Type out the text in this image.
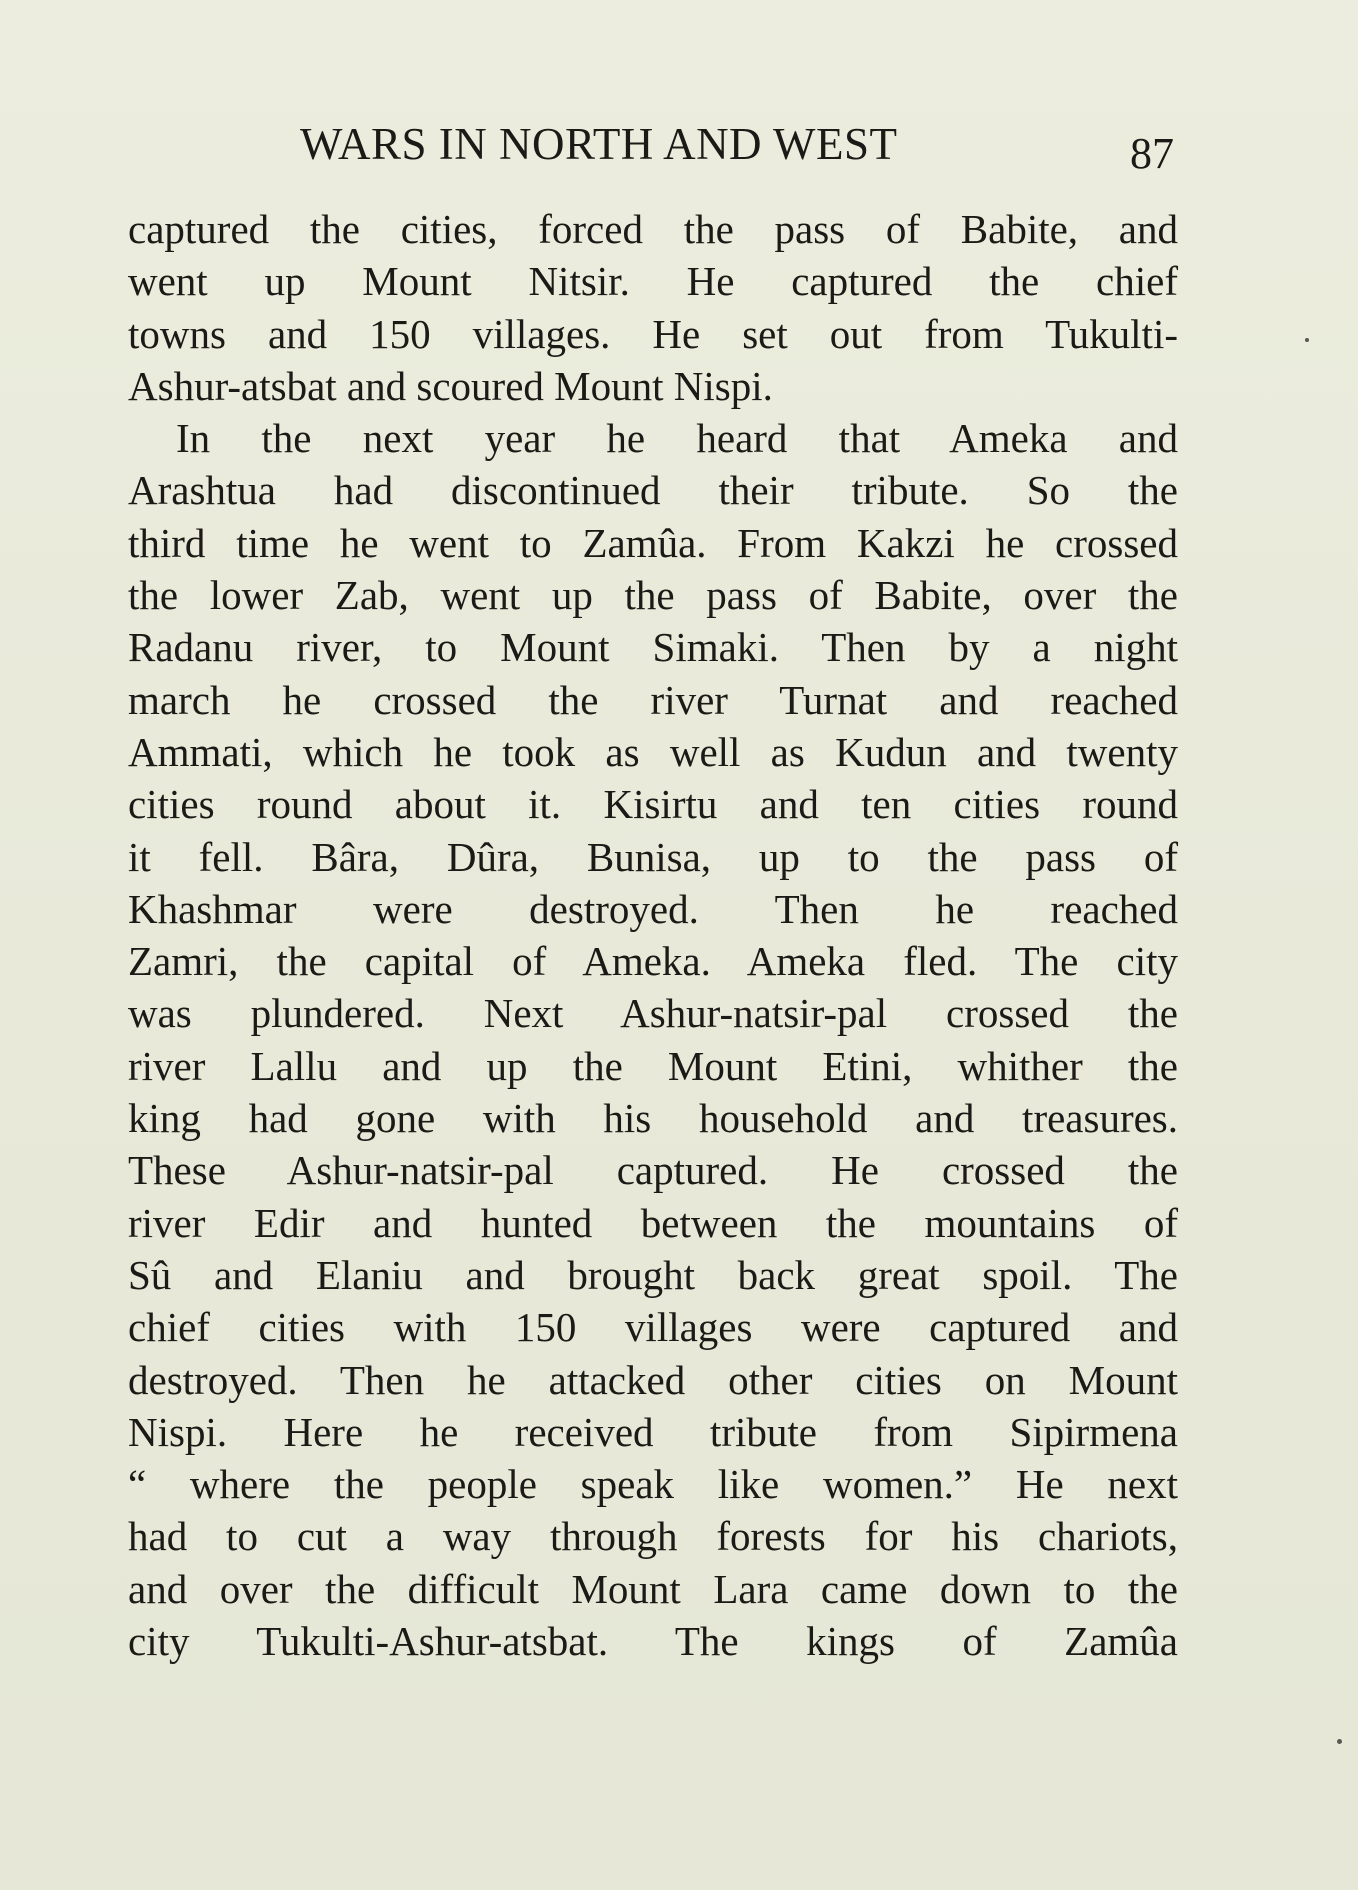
WARS IN NORTH AND WEST	87
captured the cities, forced the pass of Babite, and
went up Mount Nitsir. He captured the chief
towns and 150 villages. He set out from Tukulti-
Ashur-atsbat and scoured Mount Nispi.
In the next year he heard that Ameka and
Arashtua had discontinued their tribute. So the
third time he went to Zamûa. From Kakzi he crossed
the lower Zab, went up the pass of Babite, over the
Radanu river, to Mount Simaki. Then by a night
march he crossed the river Turnat and reached
Ammati, which he took as well as Kudun and twenty
cities round about it. Kisirtu and ten cities round
it fell. Bâra, Dûra, Bunisa, up to the pass of
Khashmar were destroyed. Then he reached
Zamri, the capital of Ameka. Ameka fled. The city
was plundered. Next Ashur-natsir-pal crossed the
river Lallu and up the Mount Etini, whither the
king had gone with his household and treasures.
These Ashur-natsir-pal captured. He crossed the
river Edir and hunted between the mountains of
Sû and Elaniu and brought back great spoil. The
chief cities with 150 villages were captured and
destroyed. Then he attacked other cities on Mount
Nispi. Here he received tribute from Sipirmena
“ where the people speak like women.” He next
had to cut a way through forests for his chariots,
and over the difficult Mount Lara came down to the
city Tukulti-Ashur-atsbat. The kings of Zamûa
